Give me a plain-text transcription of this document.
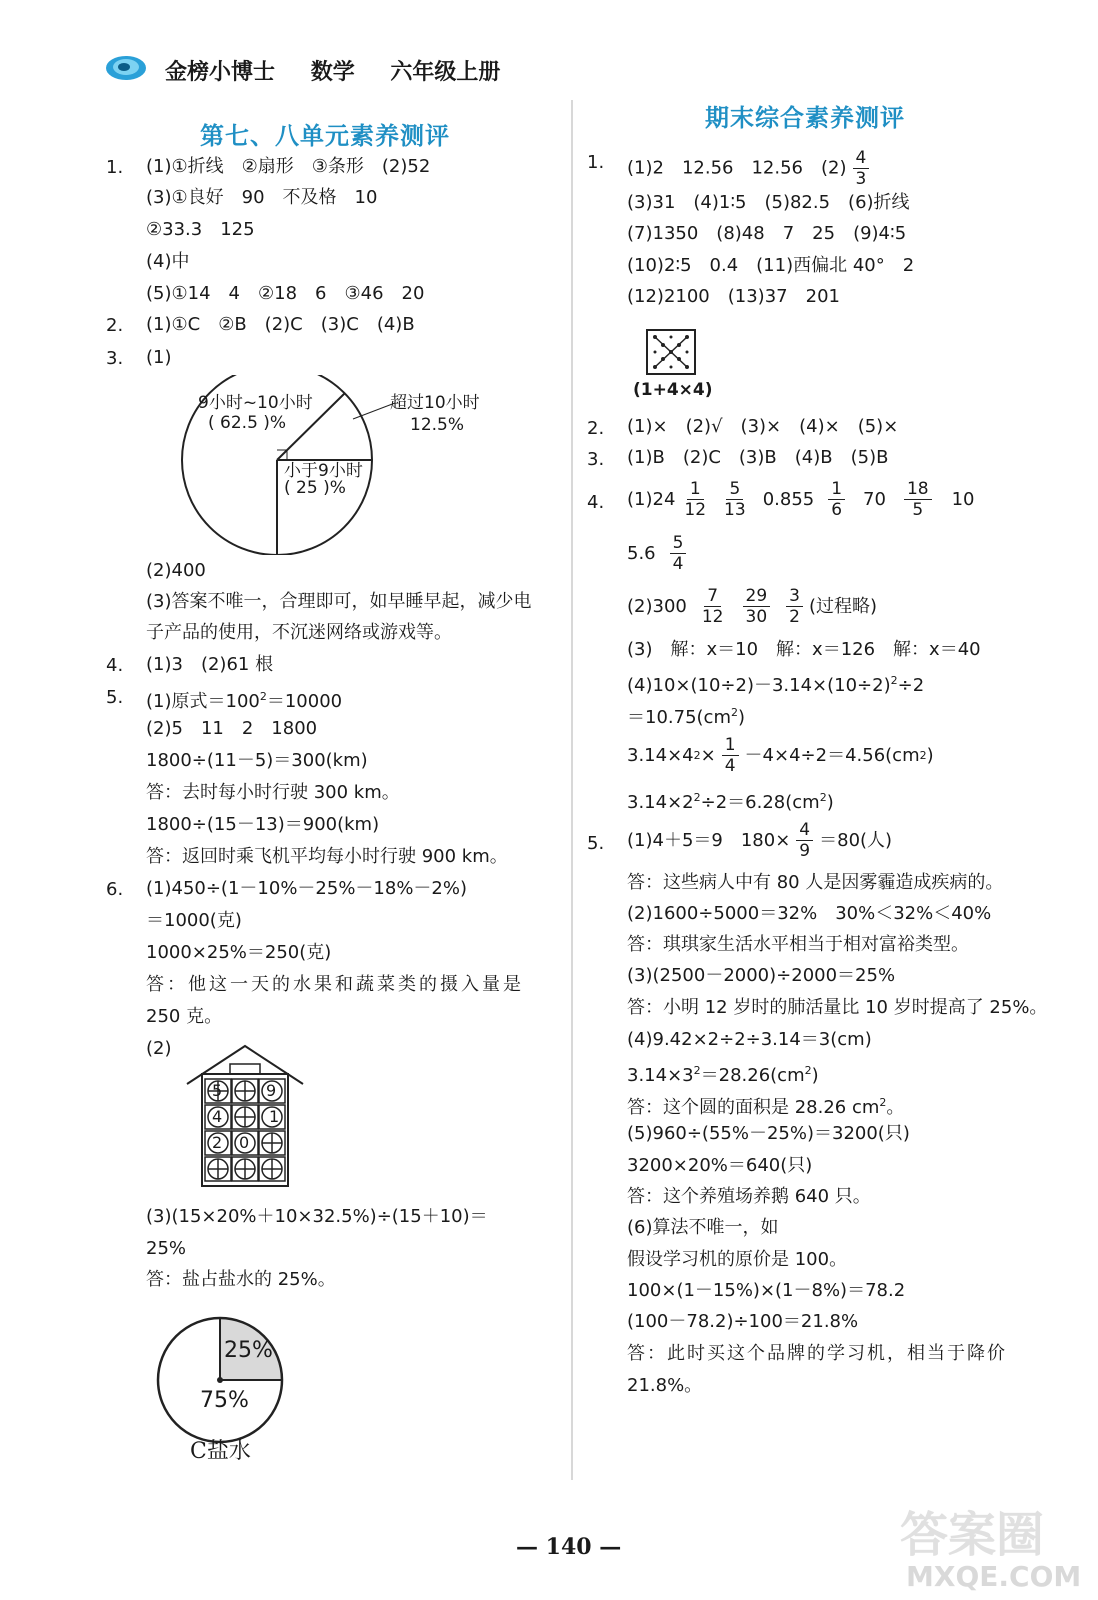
金榜小博士 数学 六年级上册
第七、八单元素养测评
1. (1)①折线　②扇形　③条形　(2)52
(3)①良好　90　不及格　10
②33.3　125
(4)中
(5)①14　4　②18　6　③46　20
2. (1)①C　②B　(2)C　(3)C　(4)B
3. (1)
9小时~10小时
( 62.5 )%
超过10小时
12.5%
小于9小时
( 25 )%
(2)400
(3)答案不唯一，合理即可，如早睡早起，减少电
子产品的使用，不沉迷网络或游戏等。
4. (1)3　(2)61 根
5. (1)原式$=100^2=10000$
(2)5　11　2　1800
1800÷(11－5)＝300(km)
答：去时每小时行驶 300 km。
1800÷(15－13)＝900(km)
答：返回时乘飞机平均每小时行驶 900 km。
6. (1)450÷(1－10%－25%－18%－2%)
＝1000(克)
1000×25%＝250(克)
答：他这一天的水果和蔬菜类的摄入量是
250 克。
(2)
5	9
4
2 0
1
(3)(15×20%＋10×32.5%)÷(15＋10)＝
25%
答：盐占盐水的 25%。
25%
75%
C盐水
期末综合素养测评
1. (1)2　12.56　12.56　$(2) \frac{4}{3}$
(3)31　(4)1∶5　(5)82.5　(6)折线
(7)1350　(8)48　7　25　(9)4∶5
(10)2∶5　0.4　(11)西偏北 40°　2
(12)2100　(13)37　201
(1+4×4)
2. (1)×　(2)√　(3)×　(4)×　(5)×
3. (1)B　(2)C　(3)B　(4)B　(5)B
4. $(1)24 \frac{1}{12} \frac{5}{13} 0.855 \frac{1}{6} 70 \frac{18}{5} 10$
$5.6 \frac{5}{4}$
$(2)300 \frac{7}{12} \frac{29}{30} \frac{3}{2}$ (过程略)
(3)　解：x＝10　解：x＝126　解：x＝40
$(4)10\times(10\div 2)-3.14\times(10\div 2)^2\div 2$
$=10.75(cm^2)$
3.14×4 $2 \times \frac{1}{4} -4\times 4\div 2=4.56(cm$ 2 )
$3.14\times 2^2\div 2=6.28(cm^2)$
5. (1)4＋5＝9　$180\times \frac{4}{9} =80$(人)
答：这些病人中有 80 人是因雾霾造成疾病的。
(2)1600÷5000＝32%　30%＜32%＜40%
答：琪琪家生活水平相当于相对富裕类型。
(3)(2500－2000)÷2000＝25%
答：小明 12 岁时的肺活量比 10 岁时提高了 25%。
(4)9.42×2÷2÷3.14＝3(cm)
$3.14\times 3^2=28.26(cm^2)$
答：这个圆的面积是 28.26 $cm^2$。
(5)960÷(55%－25%)＝3200(只)
3200×20%＝640(只)
答：这个养殖场养鹅 640 只。
(6)算法不唯一，如
假设学习机的原价是 100。
100×(1－15%)×(1－8%)＝78.2
(100－78.2)÷100＝21.8%
答：此时买这个品牌的学习机，相当于降价
21.8%。
— 140 —	答案圈
MXQE.COM
